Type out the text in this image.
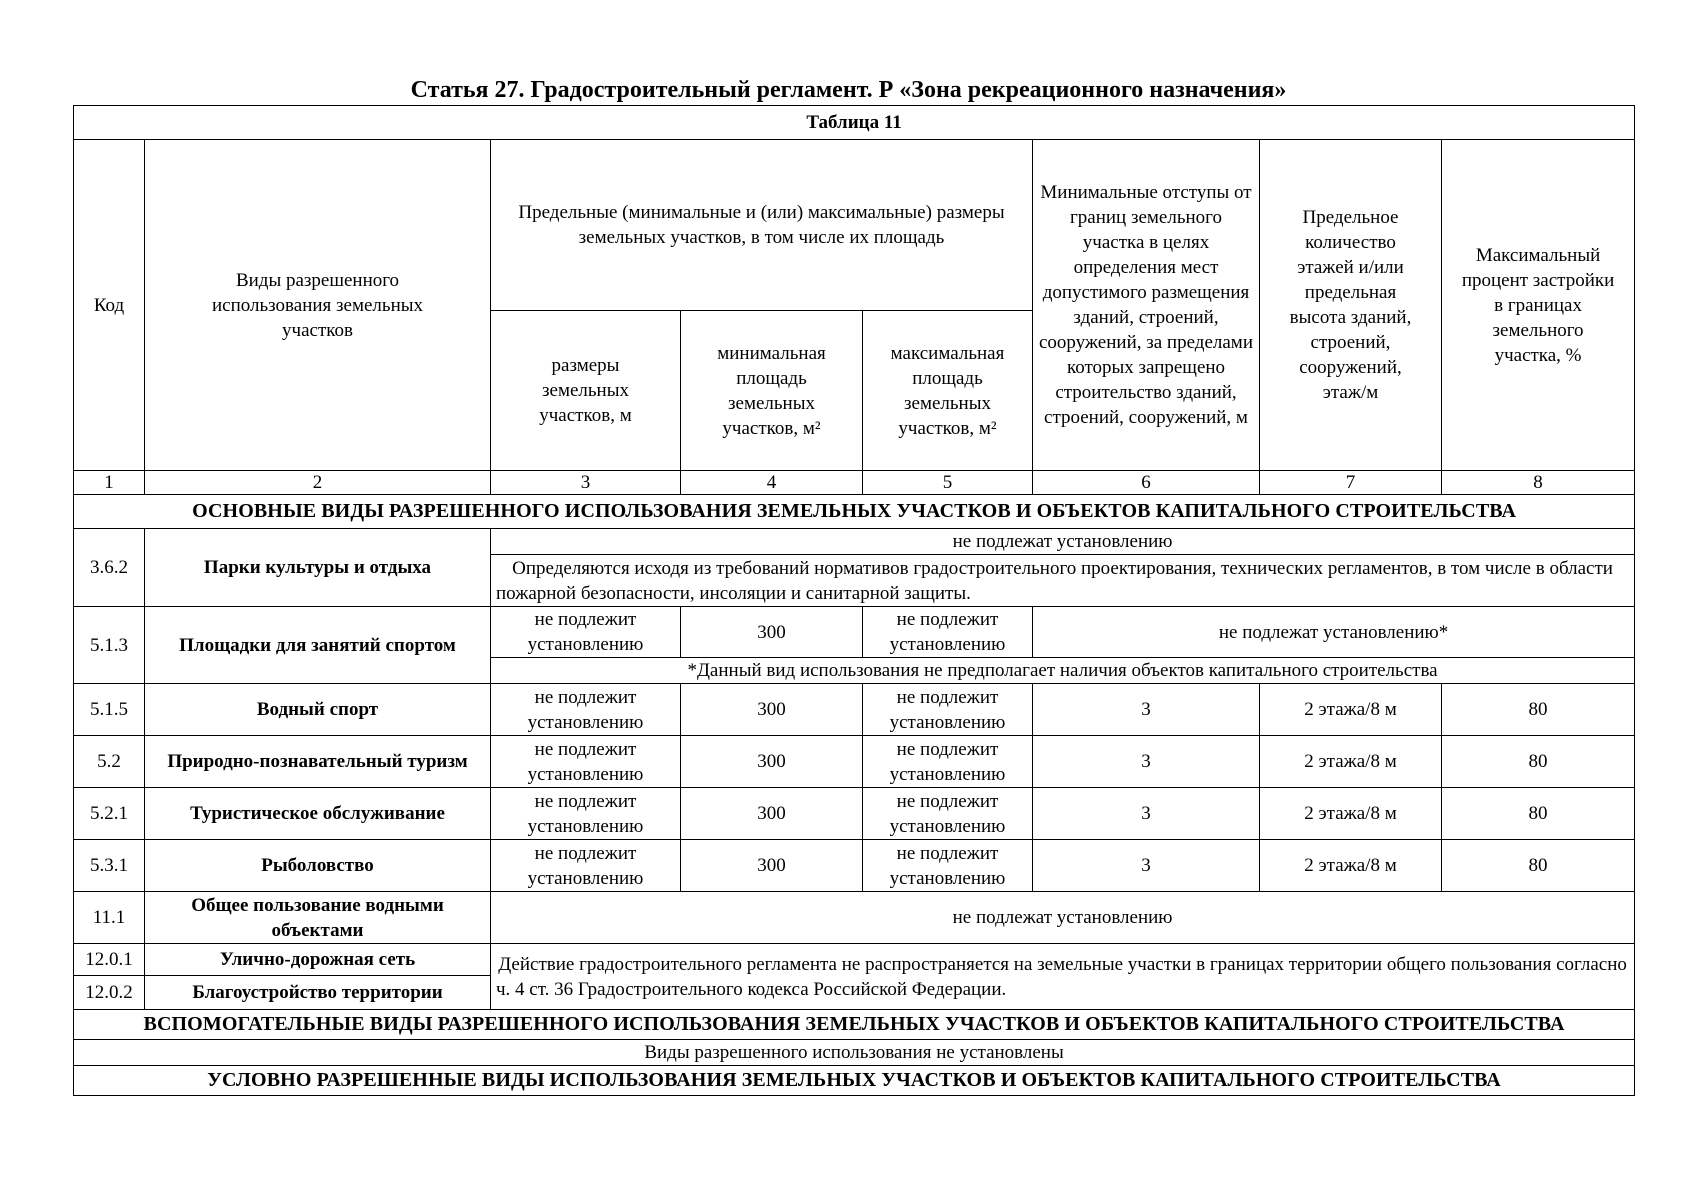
Статья 27. Градостроительный регламент. Р «Зона рекреационного назначения»
Таблица 11							
Код	Виды разрешенного использования земельных участков	Предельные (минимальные и (или) максимальные) размеры земельных участков, в том числе их площадь			Минимальные отступы от границ земельного участка в целях определения мест допустимого размещения зданий, строений, сооружений, за пределами которых запрещено строительство зданий, строений, сооружений, м	Предельное количество этажей и/или предельная высота зданий, строений, сооружений, этаж/м	Максимальный процент застройки в границах земельного участка, %
		размеры земельных участков, м	минимальная площадь земельных участков, м²	максимальная площадь земельных участков, м²			
1	2	3	4	5	6	7	8
ОСНОВНЫЕ ВИДЫ РАЗРЕШЕННОГО ИСПОЛЬЗОВАНИЯ ЗЕМЕЛЬНЫХ УЧАСТКОВ И ОБЪЕКТОВ КАПИТАЛЬНОГО СТРОИТЕЛЬСТВА							
3.6.2	Парки культуры и отдыха	не подлежат установлению					
		Определяются исходя из требований нормативов градостроительного проектирования, технических регламентов, в том числе в области пожарной безопасности, инсоляции и санитарной защиты.					
5.1.3	Площадки для занятий спортом	не подлежит установлению	300	не подлежит установлению	не подлежат установлению*		
		*Данный вид использования не предполагает наличия объектов капитального строительства					
5.1.5	Водный спорт	не подлежит установлению	300	не подлежит установлению	3	2 этажа/8 м	80
5.2	Природно-познавательный туризм	не подлежит установлению	300	не подлежит установлению	3	2 этажа/8 м	80
5.2.1	Туристическое обслуживание	не подлежит установлению	300	не подлежит установлению	3	2 этажа/8 м	80
5.3.1	Рыболовство	не подлежит установлению	300	не подлежит установлению	3	2 этажа/8 м	80
11.1	Общее пользование водными объектами	не подлежат установлению					
12.0.1	Улично-дорожная сеть	Действие градостроительного регламента не распространяется на земельные участки в границах территории общего пользования согласно ч. 4 ст. 36 Градостроительного кодекса Российской Федерации.					
12.0.2	Благоустройство территории						
ВСПОМОГАТЕЛЬНЫЕ ВИДЫ РАЗРЕШЕННОГО ИСПОЛЬЗОВАНИЯ ЗЕМЕЛЬНЫХ УЧАСТКОВ И ОБЪЕКТОВ КАПИТАЛЬНОГО СТРОИТЕЛЬСТВА							
Виды разрешенного использования не установлены							
УСЛОВНО РАЗРЕШЕННЫЕ ВИДЫ ИСПОЛЬЗОВАНИЯ ЗЕМЕЛЬНЫХ УЧАСТКОВ И ОБЪЕКТОВ КАПИТАЛЬНОГО СТРОИТЕЛЬСТВА							
